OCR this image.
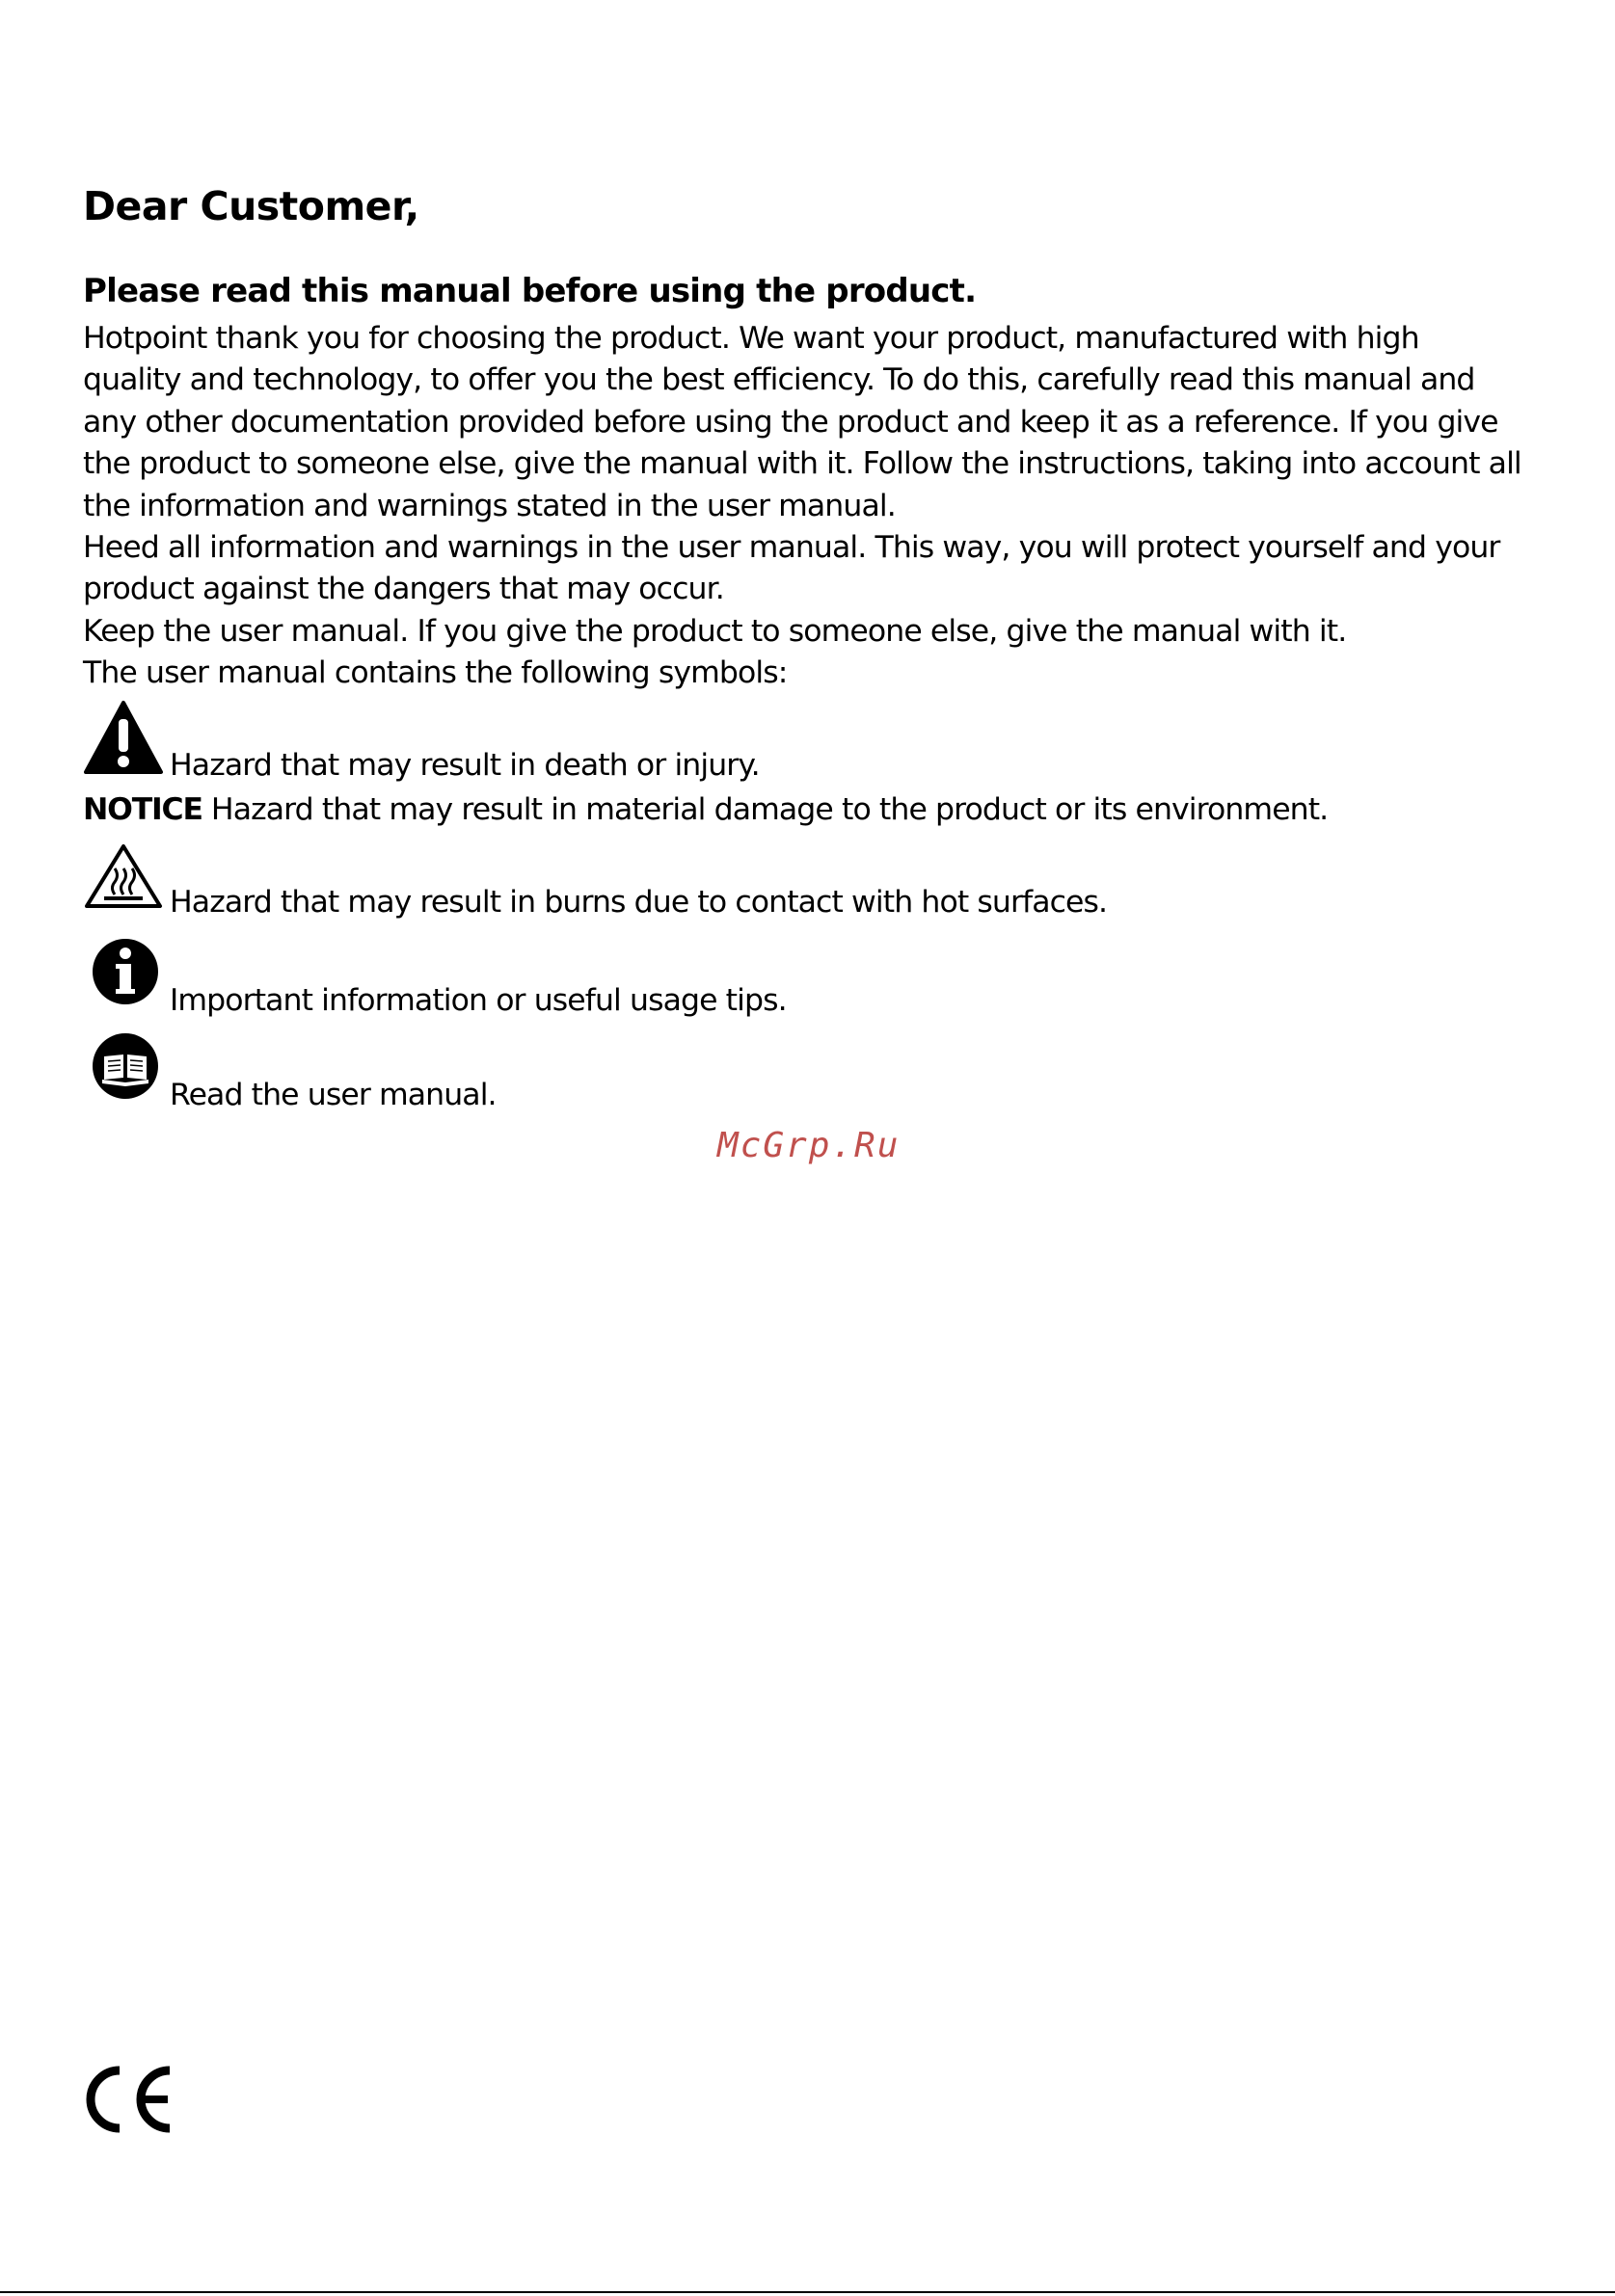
Dear Customer,
Please read this manual before using the product.
Hotpoint thank you for choosing the product. We want your product, manufactured with high
quality and technology, to offer you the best efficiency. To do this, carefully read this manual and
any other documentation provided before using the product and keep it as a reference. If you give
the product to someone else, give the manual with it. Follow the instructions, taking into account all
the information and warnings stated in the user manual.
Heed all information and warnings in the user manual. This way, you will protect yourself and your
product against the dangers that may occur.
Keep the user manual. If you give the product to someone else, give the manual with it.
The user manual contains the following symbols:
Hazard that may result in death or injury.
NOTICE Hazard that may result in material damage to the product or its environment.
Hazard that may result in burns due to contact with hot surfaces.
Important information or useful usage tips.
Read the user manual.
McGrp.Ru
